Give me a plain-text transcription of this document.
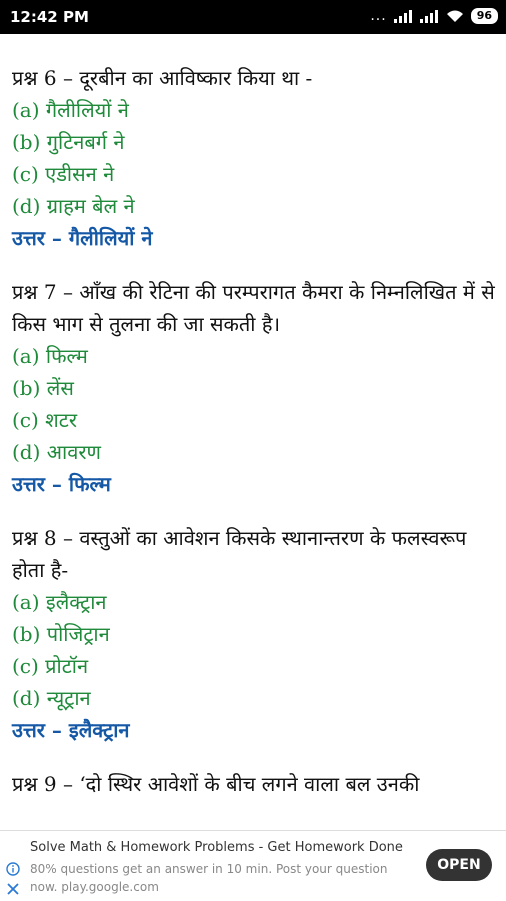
12:42 PM	...	96
प्रश्न 6 – दूरबीन का आविष्कार किया था -
(a) गैलीलियों ने
(b) गुटिनबर्ग ने
(c) एडीसन ने
(d) ग्राहम बेल ने
उत्तर – गैलीलियों ने
प्रश्न 7 – आँख की रेटिना की परम्परागत कैमरा के निम्नलिखित में से किस भाग से तुलना की जा सकती है।
(a) फिल्म
(b) लेंस
(c) शटर
(d) आवरण
उत्तर – फिल्म
प्रश्न 8 – वस्तुओं का आवेशन किसके स्थानान्तरण के फलस्वरूप होता है-
(a) इलैक्ट्रान
(b) पोजिट्रान
(c) प्रोटॉन
(d) न्यूट्रान
उत्तर – इलैक्ट्रान
प्रश्न 9 – ‘दो स्थिर आवेशों के बीच लगने वाला बल उनकी
Solve Math & Homework Problems - Get Homework Done
80% questions get an answer in 10 min. Post your question now. play.google.com
OPEN
